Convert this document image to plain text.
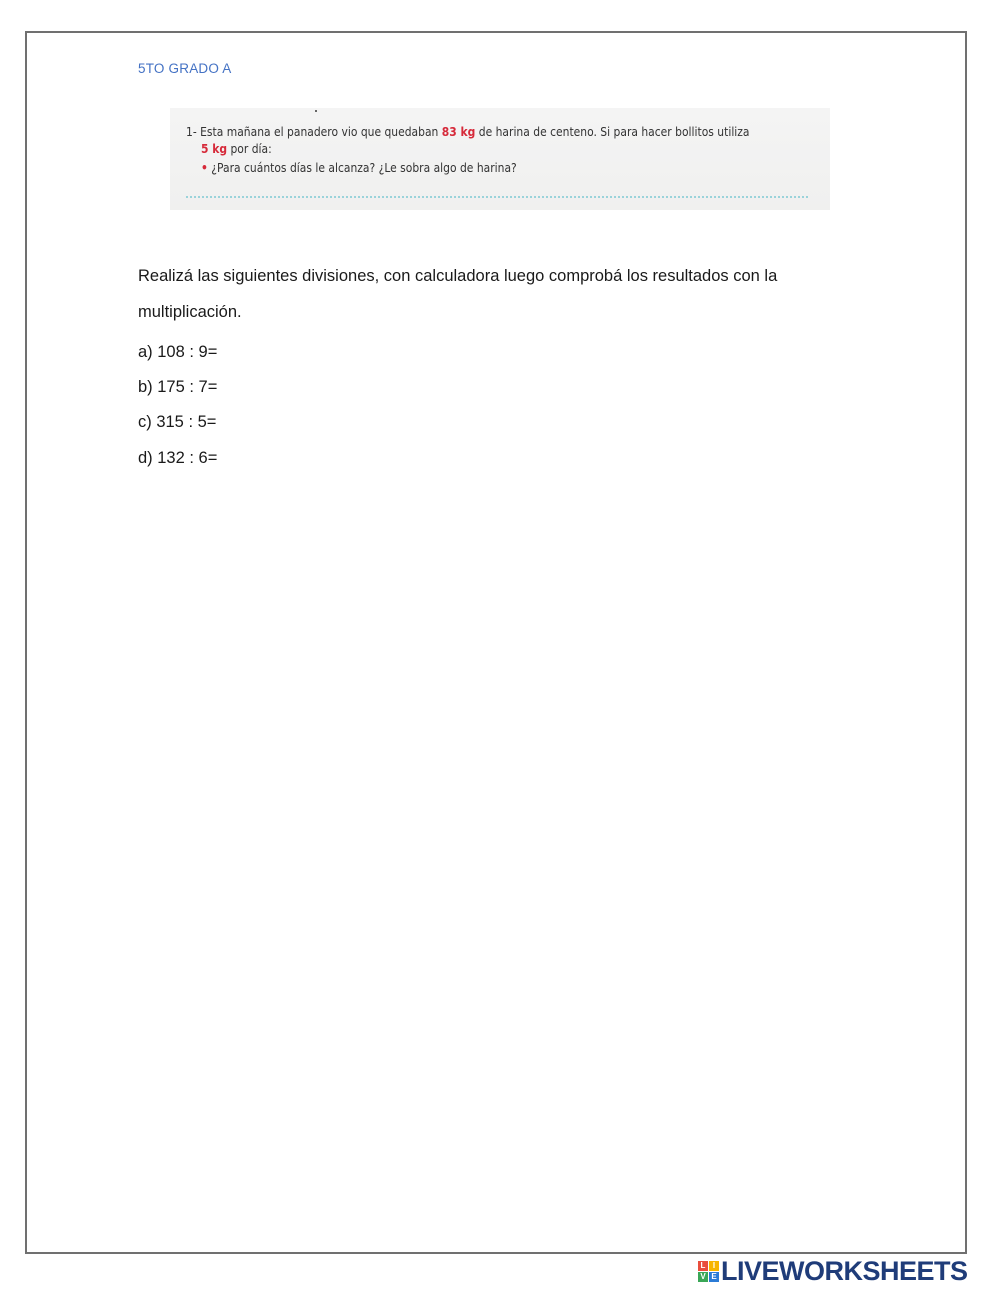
5TO GRADO A
1- Esta mañana el panadero vio que quedaban 83 kg de harina de centeno. Si para hacer bollitos utiliza
5 kg por día:
• ¿Para cuántos días le alcanza? ¿Le sobra algo de harina?
Realizá las siguientes divisiones, con calculadora luego comprobá los resultados con la multiplicación.
a) 108 : 9=
b) 175 : 7=
c) 315 : 5=
d) 132 : 6=
L I
V E LIVEWORKSHEETS
